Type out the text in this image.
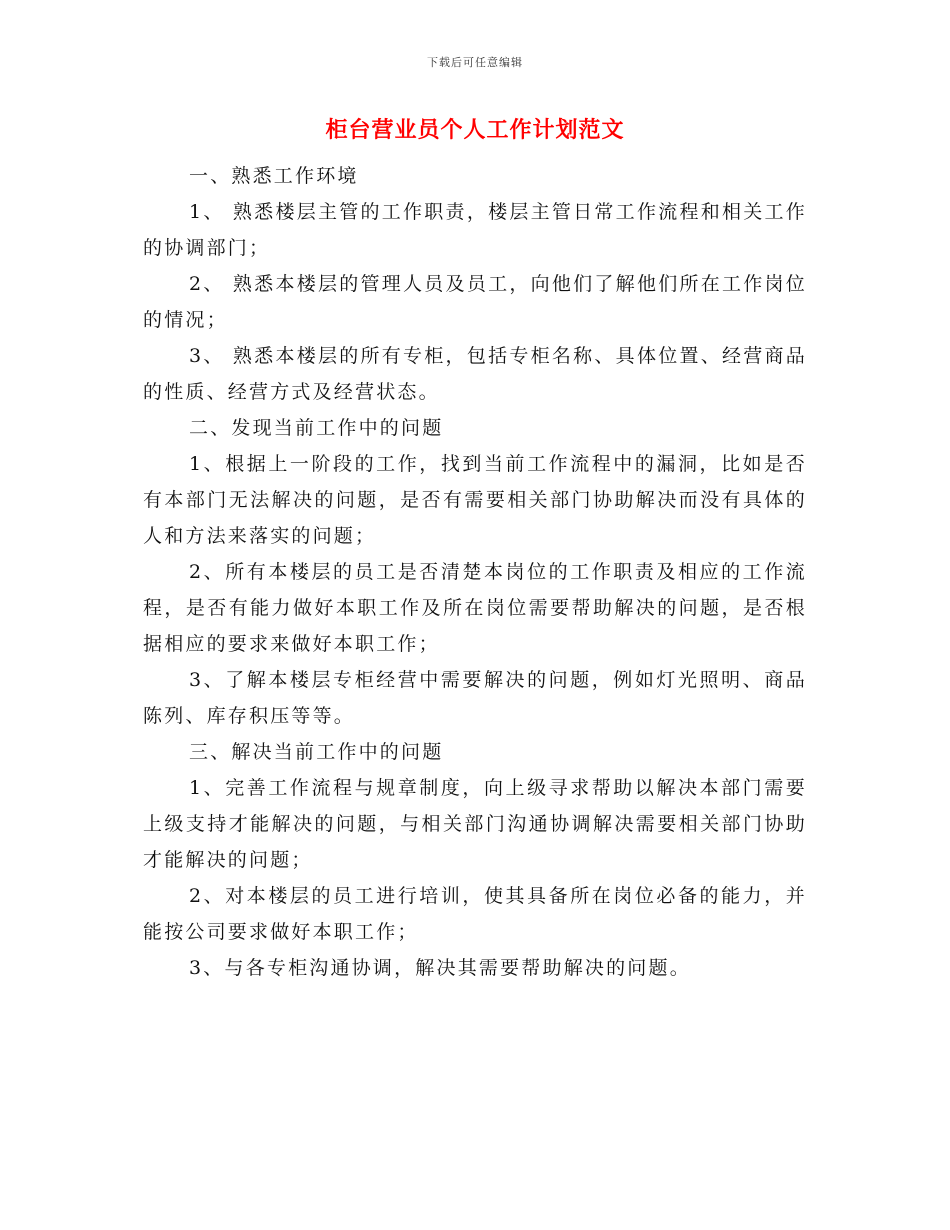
下载后可任意编辑
柜台营业员个人工作计划范文

一、熟悉工作环境

1、 熟悉楼层主管的工作职责，楼层主管日常工作流程和相关工作的协调部门；

2、 熟悉本楼层的管理人员及员工，向他们了解他们所在工作岗位的情况；

3、 熟悉本楼层的所有专柜，包括专柜名称、具体位置、经营商品的性质、经营方式及经营状态。

二、发现当前工作中的问题

1、根据上一阶段的工作，找到当前工作流程中的漏洞，比如是否有本部门无法解决的问题，是否有需要相关部门协助解决而没有具体的人和方法来落实的问题；

2、所有本楼层的员工是否清楚本岗位的工作职责及相应的工作流程，是否有能力做好本职工作及所在岗位需要帮助解决的问题，是否根据相应的要求来做好本职工作；

3、了解本楼层专柜经营中需要解决的问题，例如灯光照明、商品陈列、库存积压等等。

三、解决当前工作中的问题

1、完善工作流程与规章制度，向上级寻求帮助以解决本部门需要上级支持才能解决的问题，与相关部门沟通协调解决需要相关部门协助才能解决的问题；

2、对本楼层的员工进行培训，使其具备所在岗位必备的能力，并能按公司要求做好本职工作；

3、与各专柜沟通协调，解决其需要帮助解决的问题。
